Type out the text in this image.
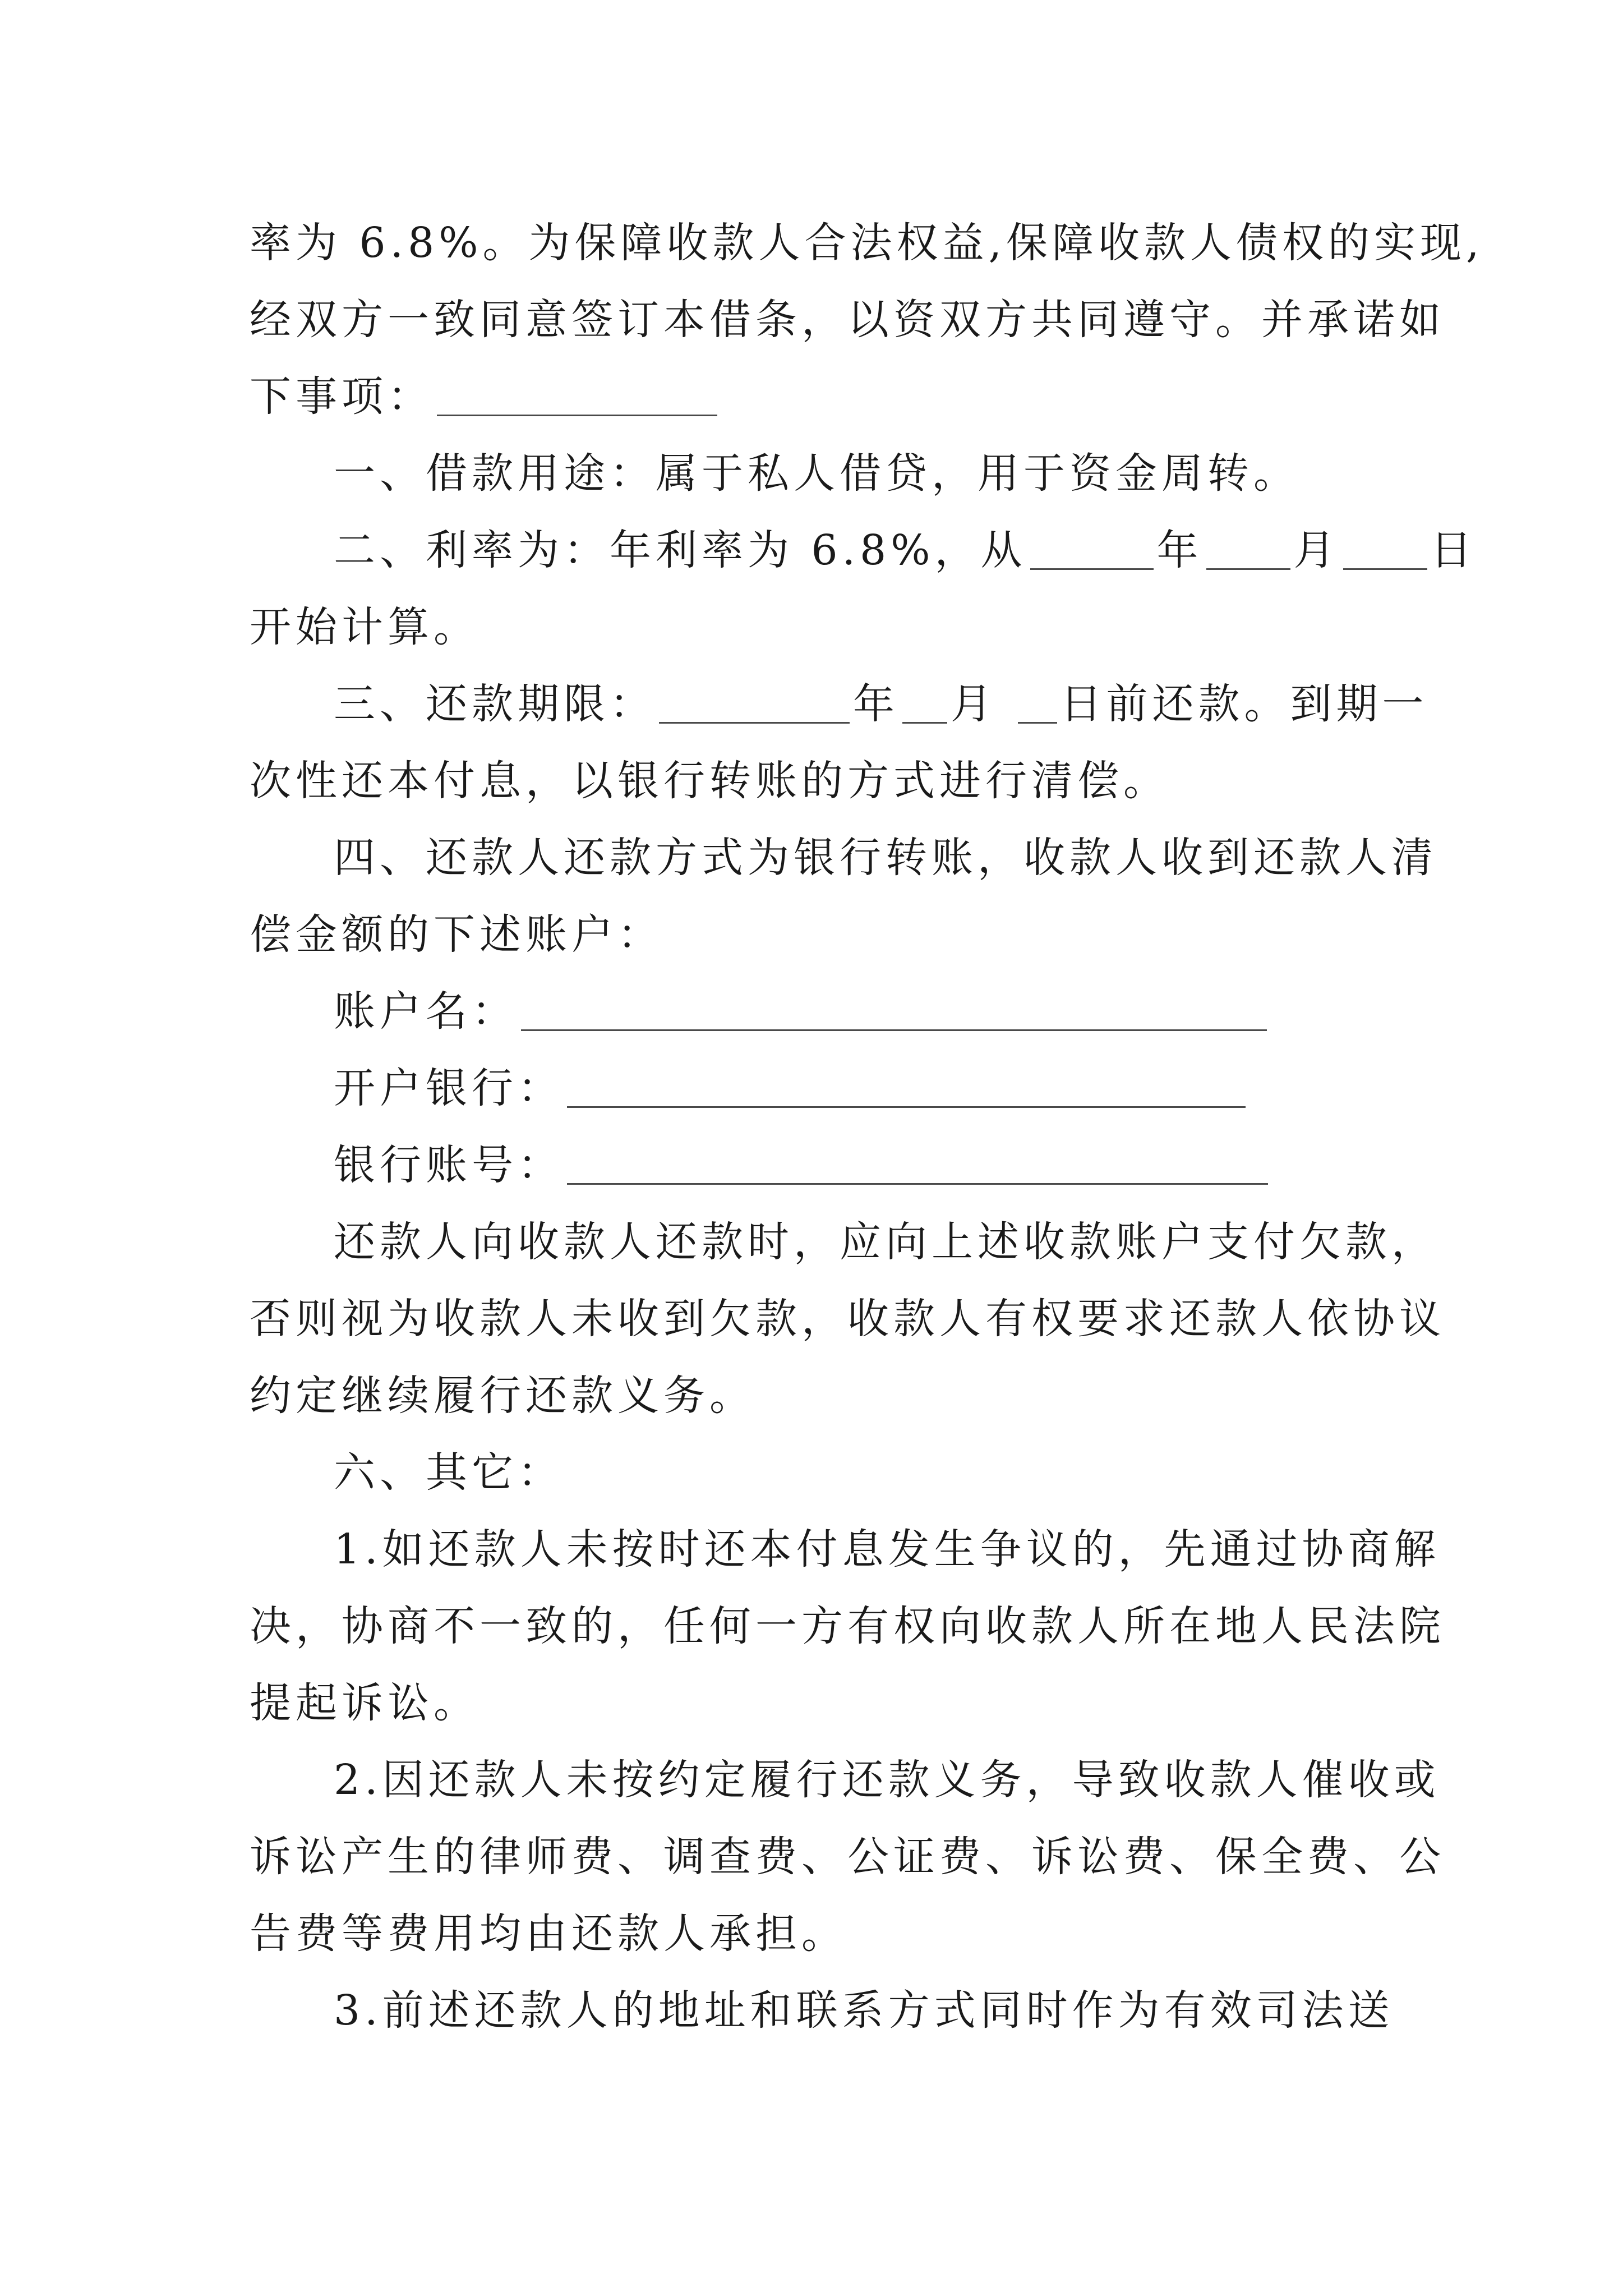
率为 6.8%。为保障收款人合法权益,保障收款人债权的实现,
经双方一致同意签订本借条，以资双方共同遵守。并承诺如
下事项：
一、借款用途：属于私人借贷，用于资金周转。
二、利率为：年利率为 6.8%，从	年 月 日
开始计算。
三、还款期限：	年 月 日前还款。到期一
次性还本付息，以银行转账的方式进行清偿。
四、还款人还款方式为银行转账，收款人收到还款人清
偿金额的下述账户：
账户名：
开户银行：
银行账号：
还款人向收款人还款时，应向上述收款账户支付欠款，
否则视为收款人未收到欠款，收款人有权要求还款人依协议
约定继续履行还款义务。
六、其它：
1.如还款人未按时还本付息发生争议的，先通过协商解
决，协商不一致的，任何一方有权向收款人所在地人民法院
提起诉讼。
2.因还款人未按约定履行还款义务，导致收款人催收或
诉讼产生的律师费、调查费、公证费、诉讼费、保全费、公
告费等费用均由还款人承担。
3.前述还款人的地址和联系方式同时作为有效司法送
